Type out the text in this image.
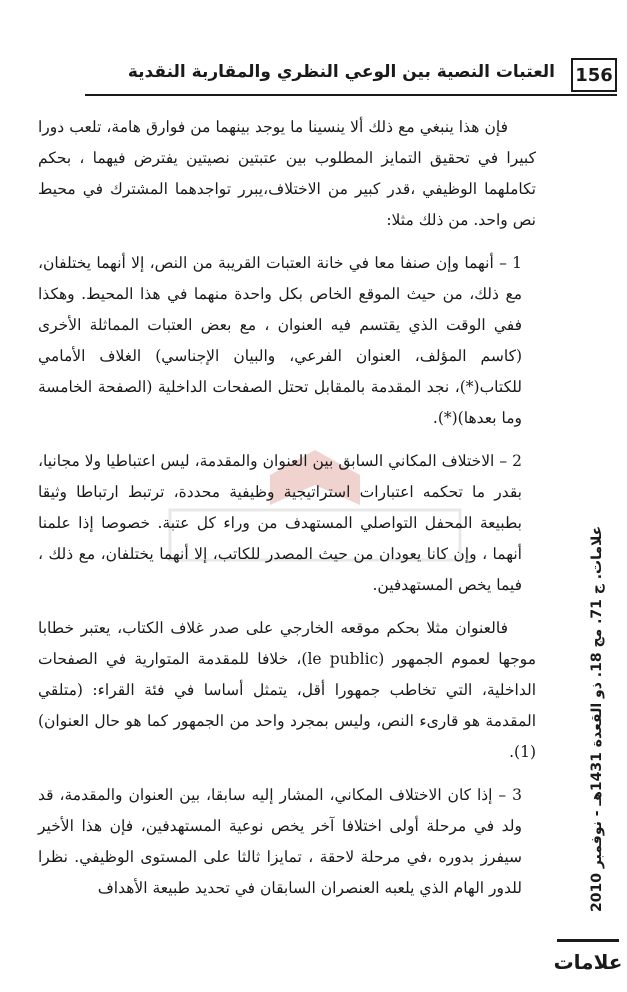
156
العتبات النصية بين الوعي النظري والمقاربة النقدية

فإن هذا ينبغي مع ذلك ألا ينسينا ما يوجد بينهما من فوارق هامة، تلعب دورا كبيرا في تحقيق التمايز المطلوب بين عتبتين نصيتين يفترض فيهما ، بحكم تكاملهما الوظيفي ،قدر كبير من الاختلاف،يبرر تواجدهما المشترك في محيط نص واحد. من ذلك مثلا:

1 – أنهما وإن صنفا معا في خانة العتبات القريبة من النص، إلا أنهما يختلفان، مع ذلك، من حيث الموقع الخاص بكل واحدة منهما في هذا المحيط. وهكذا ففي الوقت الذي يقتسم فيه العنوان ، مع بعض العتبات المماثلة الأخرى (كاسم المؤلف، العنوان الفرعي، والبيان الإجناسي) الغلاف الأمامي للكتاب(*)، نجد المقدمة بالمقابل تحتل الصفحات الداخلية (الصفحة الخامسة وما بعدها)(*).

2 – الاختلاف المكاني السابق بين العنوان والمقدمة، ليس اعتباطيا ولا مجانيا، بقدر ما تحكمه اعتبارات استراتيجية وظيفية محددة، ترتبط ارتباطا وثيقا بطبيعة المحفل التواصلي المستهدف من وراء كل عتبة. خصوصا إذا علمنا أنهما ، وإن كانا يعودان من حيث المصدر للكاتب، إلا أنهما يختلفان، مع ذلك ، فيما يخص المستهدفين.

فالعنوان مثلا بحكم موقعه الخارجي على صدر غلاف الكتاب، يعتبر خطابا موجها لعموم الجمهور (le public)، خلافا للمقدمة المتوارية في الصفحات الداخلية، التي تخاطب جمهورا أقل، يتمثل أساسا في فئة القراء: (متلقي المقدمة هو قارىء النص، وليس بمجرد واحد من الجمهور كما هو حال العنوان)(1).

3 – إذا كان الاختلاف المكاني، المشار إليه سابقا، بين العنوان والمقدمة، قد ولد في مرحلة أولى اختلافا آخر يخص نوعية المستهدفين، فإن هذا الأخير سيفرز بدوره ،في مرحلة لاحقة ، تمايزا ثالثا على المستوى الوظيفي. نظرا للدور الهام الذي يلعبه العنصران السابقان في تحديد طبيعة الأهداف	علامات. ج 71. مج 18. ذو القعدة 1431هـ - نوفمبر 2010
علامات
